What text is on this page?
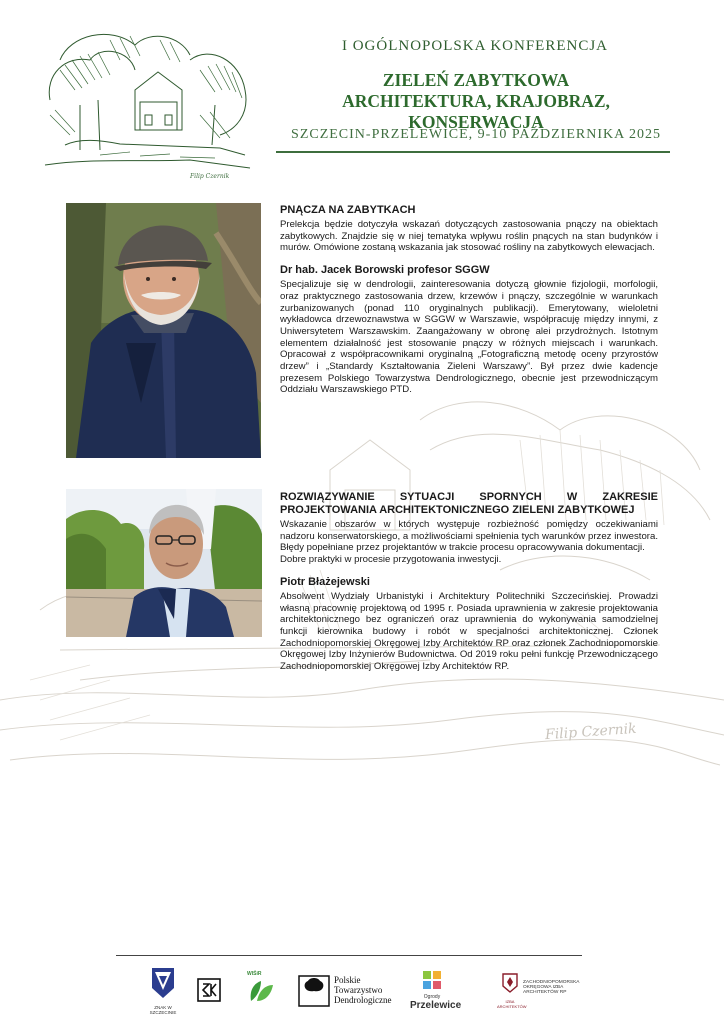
Filip Czernik
Filip Czernik
I OGÓLNOPOLSKA KONFERENCJA
ZIELEŃ ZABYTKOWA
ARCHITEKTURA, KRAJOBRAZ, KONSERWACJA
SZCZECIN-PRZELEWICE, 9-10 PAŹDZIERNIKA 2025
PNĄCZA NA ZABYTKACH
Prelekcja będzie dotyczyła wskazań dotyczących zastosowania pnączy na obiektach zabytkowych. Znajdzie się w niej tematyka wpływu roślin pnących na stan budynków i murów. Omówione zostaną wskazania jak stosować rośliny na zabytkowych elewacjach.
Dr hab. Jacek Borowski profesor SGGW
Specjalizuje się w dendrologii, zainteresowania dotyczą głownie fizjologii, morfologii, oraz praktycznego zastosowania drzew, krzewów i pnączy, szczególnie w warunkach zurbanizowanych (ponad 110 oryginalnych publikacji). Emerytowany, wieloletni wykładowca drzewoznawstwa w SGGW w Warszawie, współpracuję między innymi, z Uniwersytetem Warszawskim. Zaangażowany w obronę alei przydrożnych. Istotnym elementem działalność jest stosowanie pnączy w różnych miejscach i warunkach. Opracował z współpracownikami oryginalną „Fotograficzną metodę oceny przyrostów drzew” i „Standardy Kształtowania Zieleni Warszawy”. Był przez dwie kadencje prezesem Polskiego Towarzystwa Dendrologicznego, obecnie jest przewodniczącym Oddziału Warszawskiego PTD.
ROZWIĄZYWANIE SYTUACJI SPORNYCH W ZAKRESIE PROJEKTOWANIA ARCHITEKTONICZNEGO ZIELENI ZABYTKOWEJ
Wskazanie obszarów w których występuje rozbieżność pomiędzy oczekiwaniami nadzoru konserwatorskiego, a możliwościami spełnienia tych warunków przez inwestora. Błędy popełniane przez projektantów w trakcie procesu opracowywania dokumentacji.
Dobre praktyki w procesie przygotowania inwestycji.
Piotr Błażejewski
Absolwent Wydziały Urbanistyki i Architektury Politechniki Szczecińskiej. Prowadzi własną pracownię projektową od 1995 r. Posiada uprawnienia w zakresie projektowania architektonicznego bez ograniczeń oraz uprawnienia do wykonywania samodzielnej funkcji kierownika budowy i robót w specjalności architektonicznej. Członek Zachodniopomorskiej Okręgowej Izby Architektów RP oraz członek Zachodniopomorskie Okręgowej Izby Inżynierów Budownictwa. Od 2019 roku pełni funkcję Przewodniczącego Zachodniopomorskiej Okręgowej Izby Architektów RP.
ZNAK W SZCZECINIE
WIŚiR
Polskie
Towarzystwo
Dendrologiczne	Ogrody
Przelewice	IZBA ARCHITEKTÓW
ZACHODNIOPOMORSKA
OKRĘGOWA IZBA
ARCHITEKTÓW RP
